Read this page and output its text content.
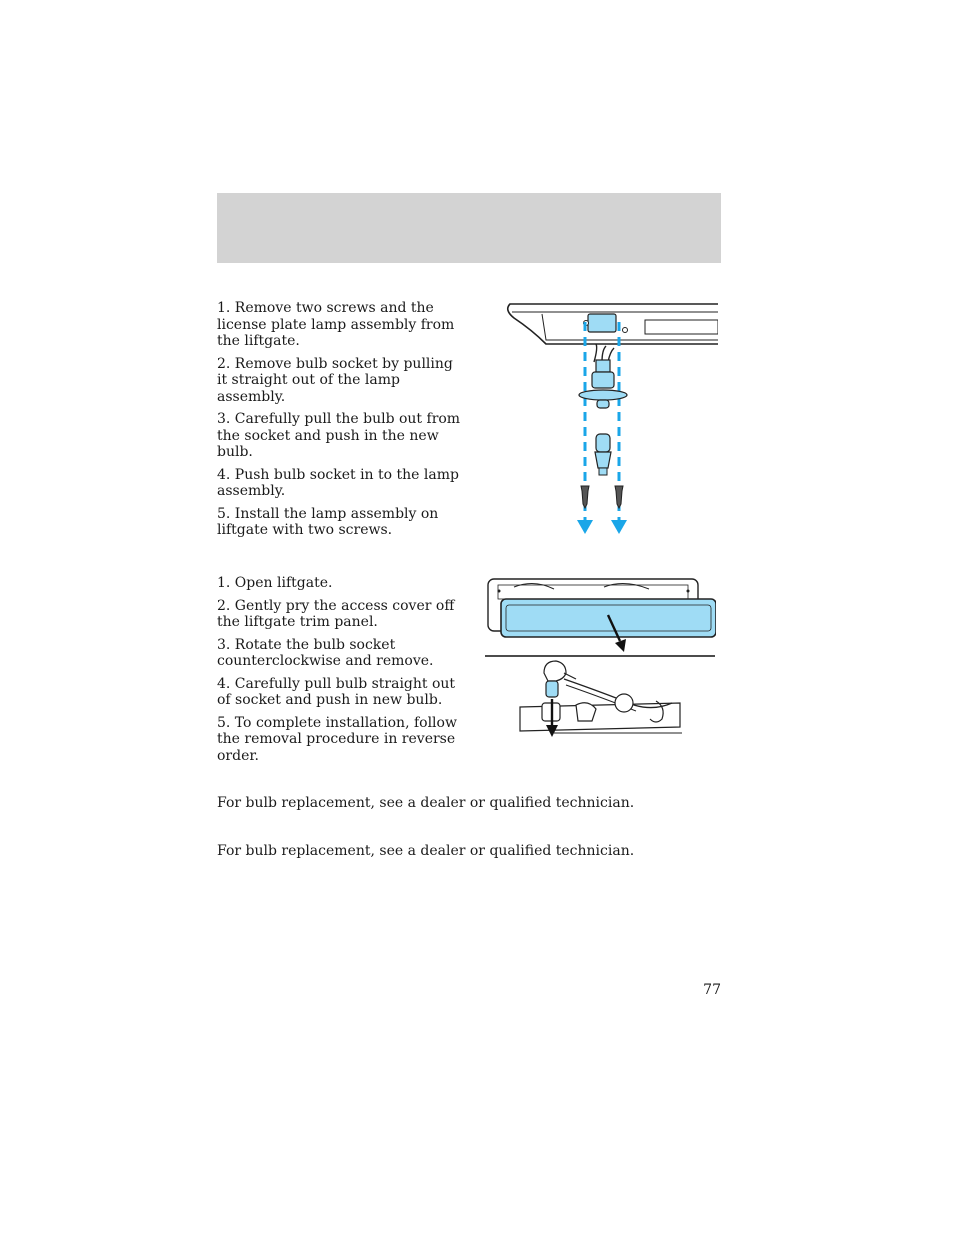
1. Remove two screws and the license plate lamp assembly from the liftgate.
2. Remove bulb socket by pulling it straight out of the lamp assembly.
3. Carefully pull the bulb out from the socket and push in the new bulb.
4. Push bulb socket in to the lamp assembly.
5. Install the lamp assembly on liftgate with two screws.
1. Open liftgate.
2. Gently pry the access cover off the liftgate trim panel.
3. Rotate the bulb socket counterclockwise and remove.
4. Carefully pull bulb straight out of socket and push in new bulb.
5. To complete installation, follow the removal procedure in reverse order.
For bulb replacement, see a dealer or qualified technician.
For bulb replacement, see a dealer or qualified technician.
77
